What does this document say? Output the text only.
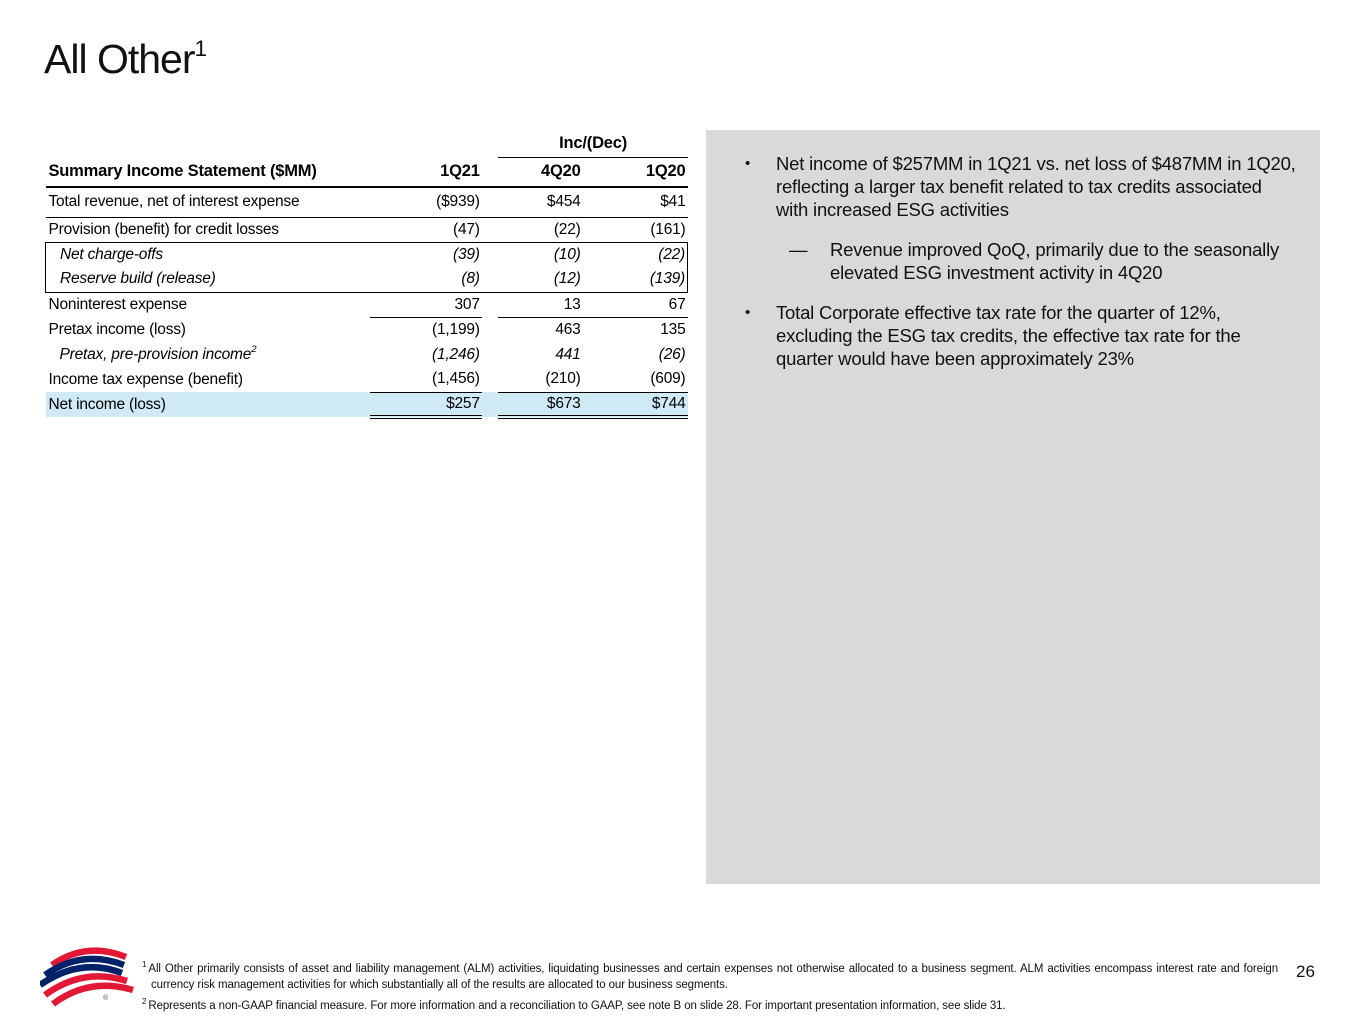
All Other$^1$
			Inc/(Dec)	
Summary Income Statement ($MM)	1Q21		4Q20	1Q20
Total revenue, net of interest expense	($939)		$454	$41
Provision (benefit) for credit losses	(47)		(22)	(161)
Net charge-offs	(39)		(10)	(22)
Reserve build (release)	(8)		(12)	(139)
Noninterest expense	307		13	67
Pretax income (loss)	(1,199)		463	135
Pretax, pre-provision income$^2$	(1,246)		441	(26)
Income tax expense (benefit)	(1,456)		(210)	(609)
Net income (loss)	$257		$673	$744
•	Net income of $257MM in 1Q21 vs. net loss of $487MM in 1Q20, reflecting a larger tax benefit related to tax credits associated with increased ESG activities
—	Revenue improved QoQ, primarily due to the seasonally elevated ESG investment activity in 4Q20
•	Total Corporate effective tax rate for the quarter of 12%, excluding the ESG tax credits, the effective tax rate for the quarter would have been approximately 23%
®
$^1$ All Other primarily consists of asset and liability management (ALM) activities, liquidating businesses and certain expenses not otherwise allocated to a business segment. ALM activities encompass interest rate and foreign currency risk management activities for which substantially all of the results are allocated to our business segments.
$^2$ Represents a non-GAAP financial measure. For more information and a reconciliation to GAAP, see note B on slide 28. For important presentation information, see slide 31.
26
